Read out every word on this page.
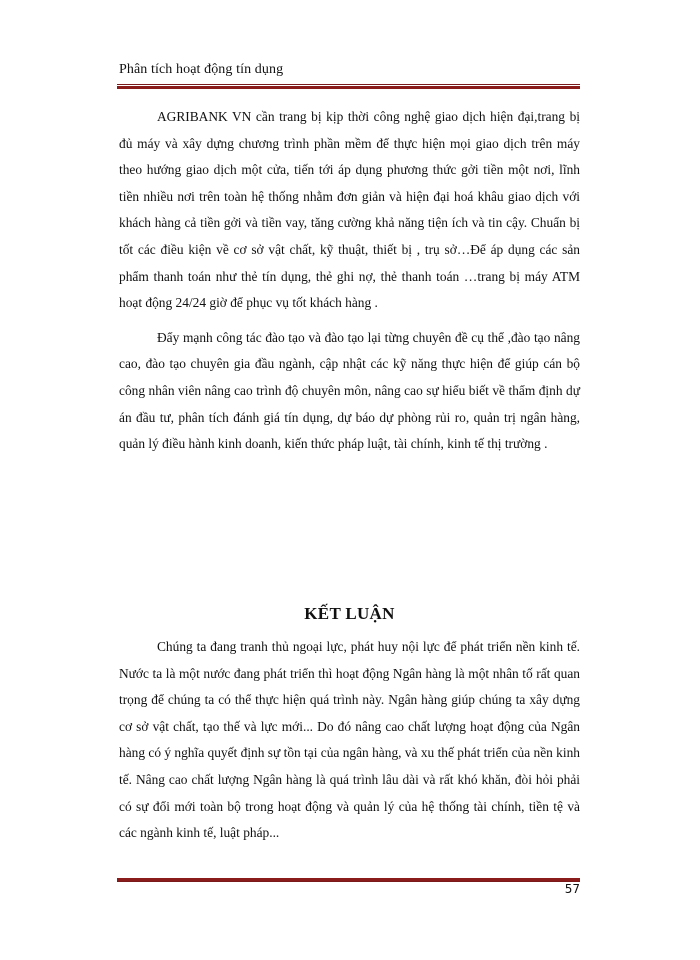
Phân tích hoạt động tín dụng

AGRIBANK VN cần trang bị kịp thời công nghệ giao dịch hiện đại,trang bị đủ máy và xây dựng chương trình phần mềm để thực hiện mọi giao dịch trên máy theo hướng giao dịch một cửa, tiến tới áp dụng phương thức gởi tiền một nơi, lĩnh tiền nhiều nơi trên toàn hệ thống nhằm đơn giản và hiện đại hoá khâu giao dịch với khách hàng cả tiền gởi và tiền vay, tăng cường khả năng tiện ích và tin cậy. Chuẩn bị tốt các điều kiện về cơ sở vật chất, kỹ thuật, thiết bị , trụ sở…Để áp dụng các sản phẩm thanh toán như thẻ tín dụng, thẻ ghi nợ, thẻ thanh toán …trang bị máy ATM hoạt động 24/24 giờ để phục vụ tốt khách hàng .

Đẩy mạnh công tác đào tạo và đào tạo lại từng chuyên đề cụ thể ,đào tạo nâng cao, đào tạo chuyên gia đầu ngành, cập nhật các kỹ năng thực hiện để giúp cán bộ công nhân viên nâng cao trình độ chuyên môn, nâng cao sự hiểu biết về thẩm định dự án đầu tư, phân tích đánh giá tín dụng, dự báo dự phòng rủi ro, quản trị ngân hàng, quản lý điều hành kinh doanh, kiến thức pháp luật, tài chính, kinh tế thị trường .

KẾT LUẬN

Chúng ta đang tranh thủ ngoại lực, phát huy nội lực để phát triển nền kinh tế. Nước ta là một nước đang phát triển thì hoạt động Ngân hàng là một nhân tố rất quan trọng để chúng ta có thể thực hiện quá trình này. Ngân hàng giúp chúng ta xây dựng cơ sở vật chất, tạo thế và lực mới... Do đó nâng cao chất lượng hoạt động của Ngân hàng có ý nghĩa quyết định sự tồn tại của ngân hàng, và xu thế phát triển của nền kinh tế. Nâng cao chất lượng Ngân hàng là quá trình lâu dài và rất khó khăn, đòi hỏi phải có sự đổi mới toàn bộ trong hoạt động và quản lý của hệ thống tài chính, tiền tệ và các ngành kinh tế, luật pháp...

57
